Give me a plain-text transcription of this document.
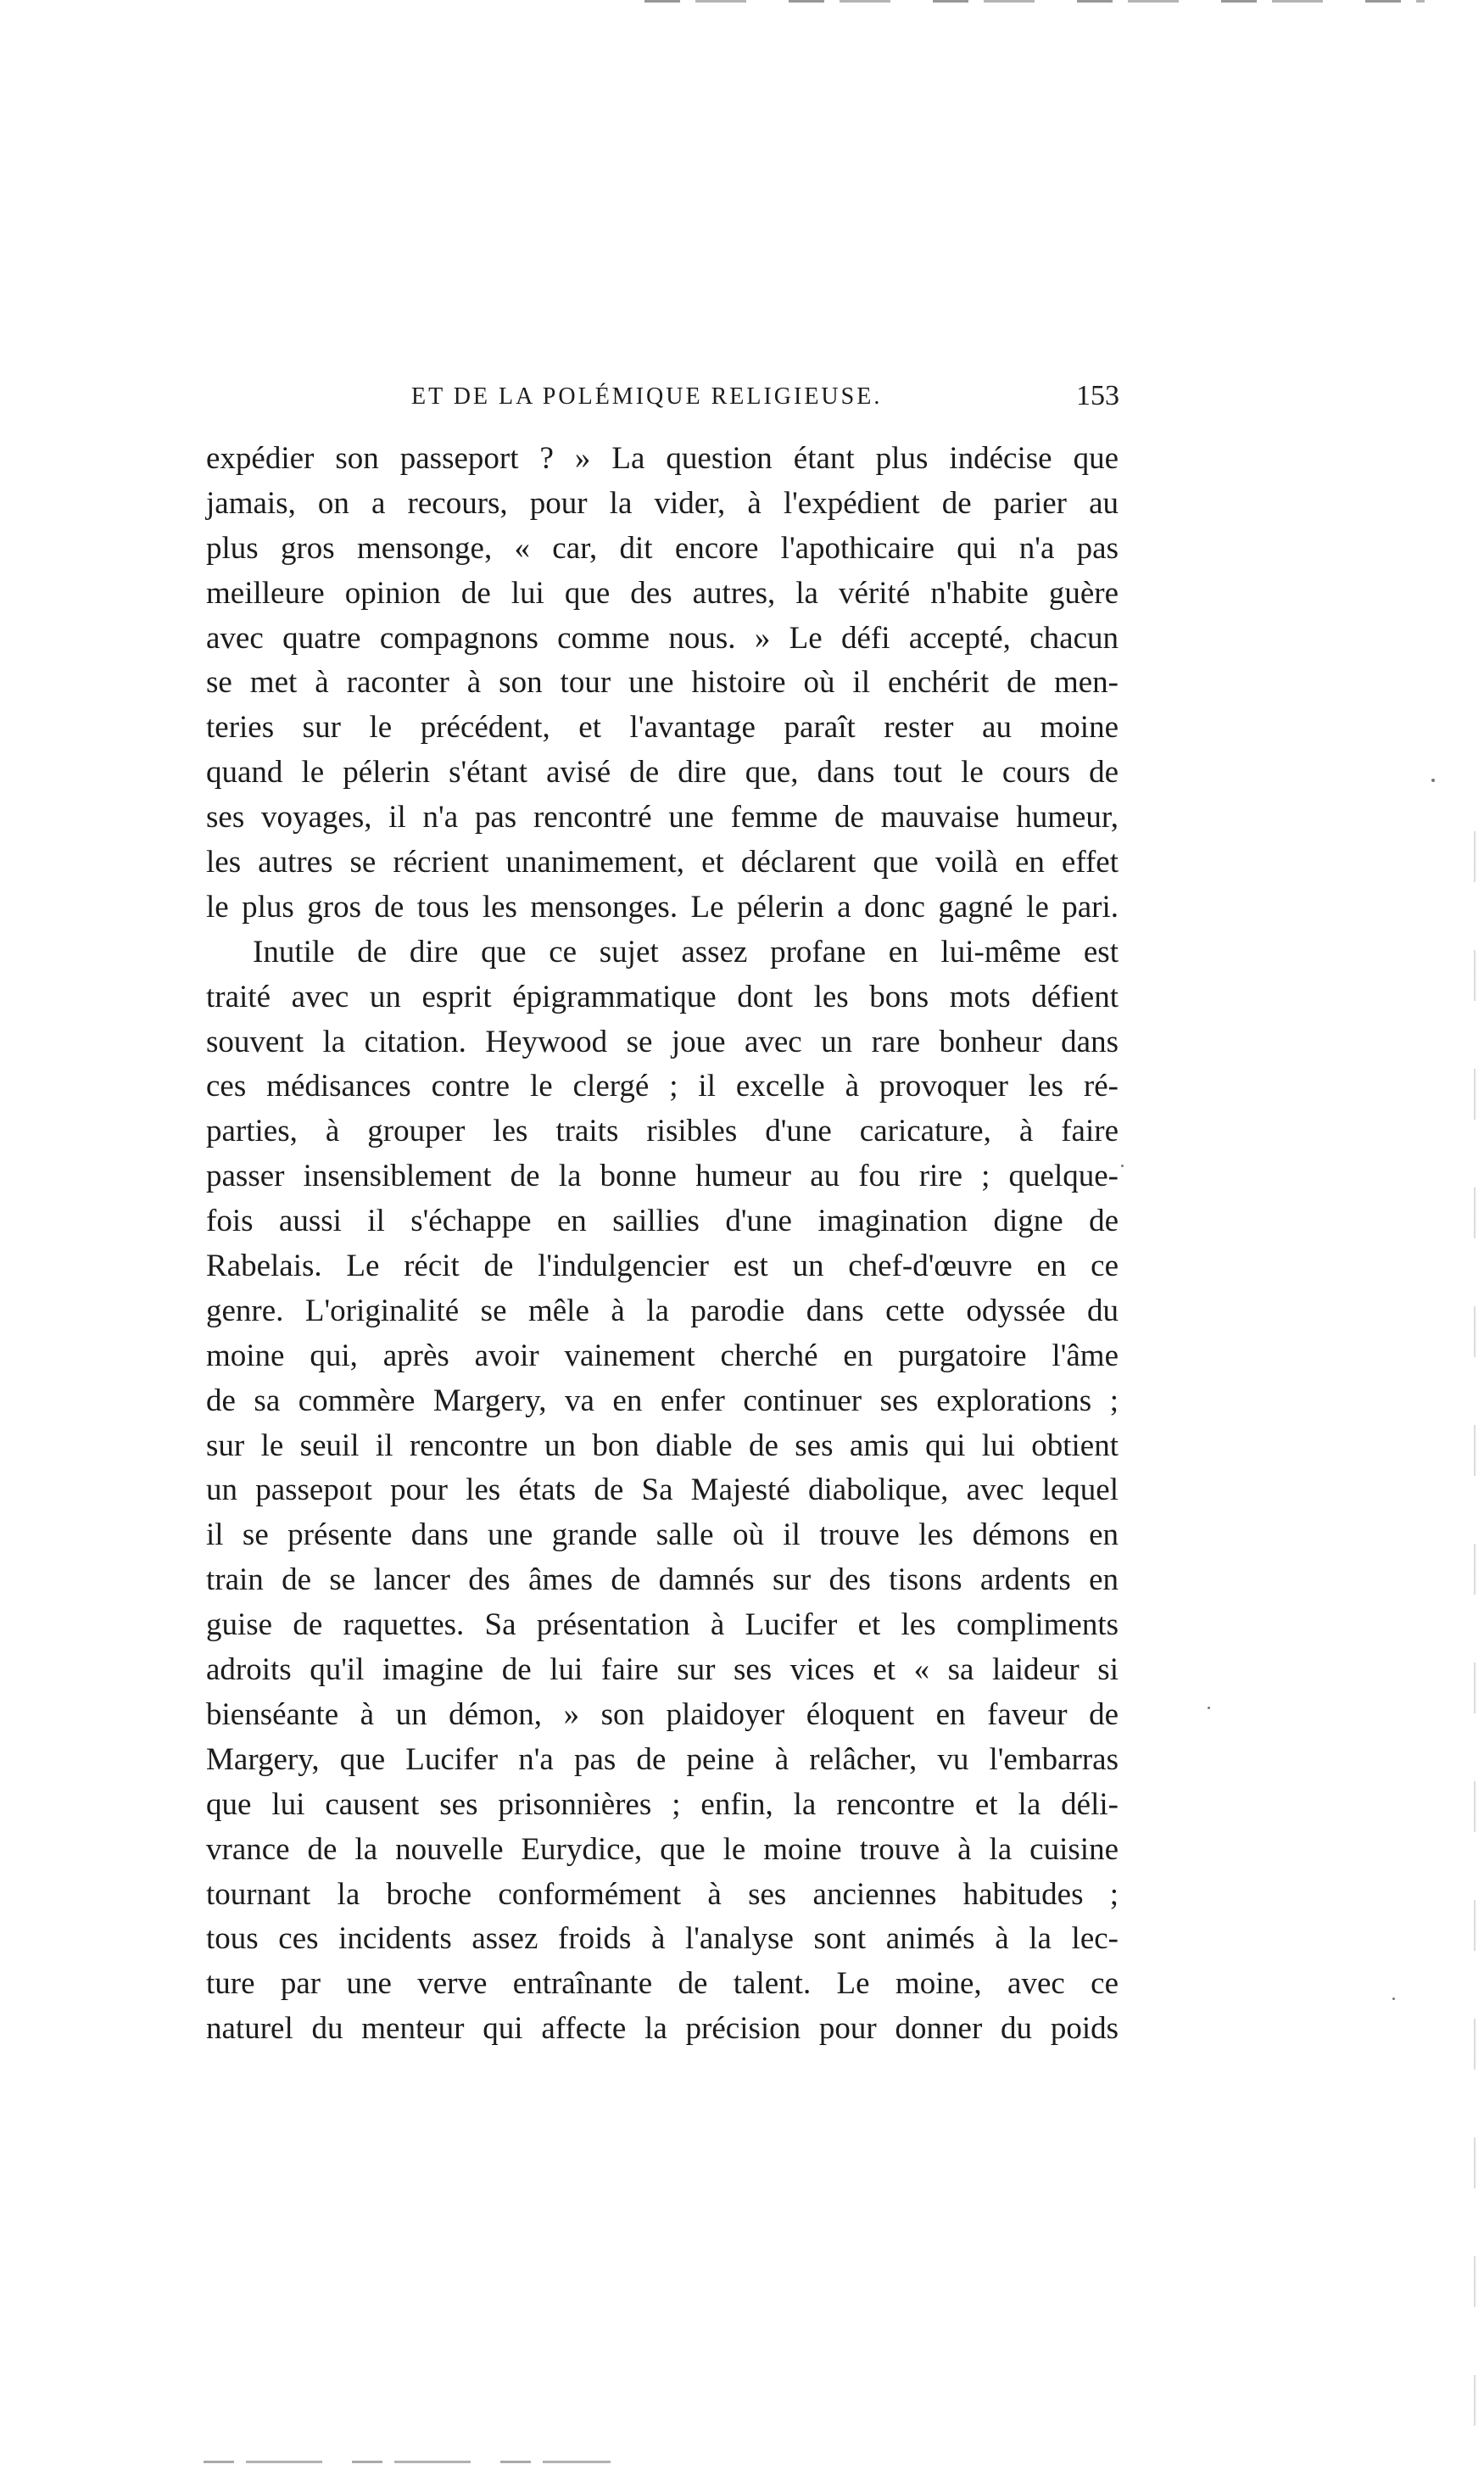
ET DE LA POLÉMIQUE RELIGIEUSE.	153
expédier son passeport ? » La question étant plus indécise que
jamais, on a recours, pour la vider, à l'expédient de parier au
plus gros mensonge, « car, dit encore l'apothicaire qui n'a pas
meilleure opinion de lui que des autres, la vérité n'habite guère
avec quatre compagnons comme nous. » Le défi accepté, chacun
se met à raconter à son tour une histoire où il enchérit de men-
teries sur le précédent, et l'avantage paraît rester au moine
quand le pélerin s'étant avisé de dire que, dans tout le cours de
ses voyages, il n'a pas rencontré une femme de mauvaise humeur,
les autres se récrient unanimement, et déclarent que voilà en effet
le plus gros de tous les mensonges. Le pélerin a donc gagné le pari.
Inutile de dire que ce sujet assez profane en lui-même est
traité avec un esprit épigrammatique dont les bons mots défient
souvent la citation. Heywood se joue avec un rare bonheur dans
ces médisances contre le clergé ; il excelle à provoquer les ré-
parties, à grouper les traits risibles d'une caricature, à faire
passer insensiblement de la bonne humeur au fou rire ; quelque-
fois aussi il s'échappe en saillies d'une imagination digne de
Rabelais. Le récit de l'indulgencier est un chef-d'œuvre en ce
genre. L'originalité se mêle à la parodie dans cette odyssée du
moine qui, après avoir vainement cherché en purgatoire l'âme
de sa commère Margery, va en enfer continuer ses explorations ;
sur le seuil il rencontre un bon diable de ses amis qui lui obtient
un passepoıt pour les états de Sa Majesté diabolique, avec lequel
il se présente dans une grande salle où il trouve les démons en
train de se lancer des âmes de damnés sur des tisons ardents en
guise de raquettes. Sa présentation à Lucifer et les compliments
adroits qu'il imagine de lui faire sur ses vices et « sa laideur si
bienséante à un démon, » son plaidoyer éloquent en faveur de
Margery, que Lucifer n'a pas de peine à relâcher, vu l'embarras
que lui causent ses prisonnières ; enfin, la rencontre et la déli-
vrance de la nouvelle Eurydice, que le moine trouve à la cuisine
tournant la broche conformément à ses anciennes habitudes ;
tous ces incidents assez froids à l'analyse sont animés à la lec-
ture par une verve entraînante de talent. Le moine, avec ce
naturel du menteur qui affecte la précision pour donner du poids
